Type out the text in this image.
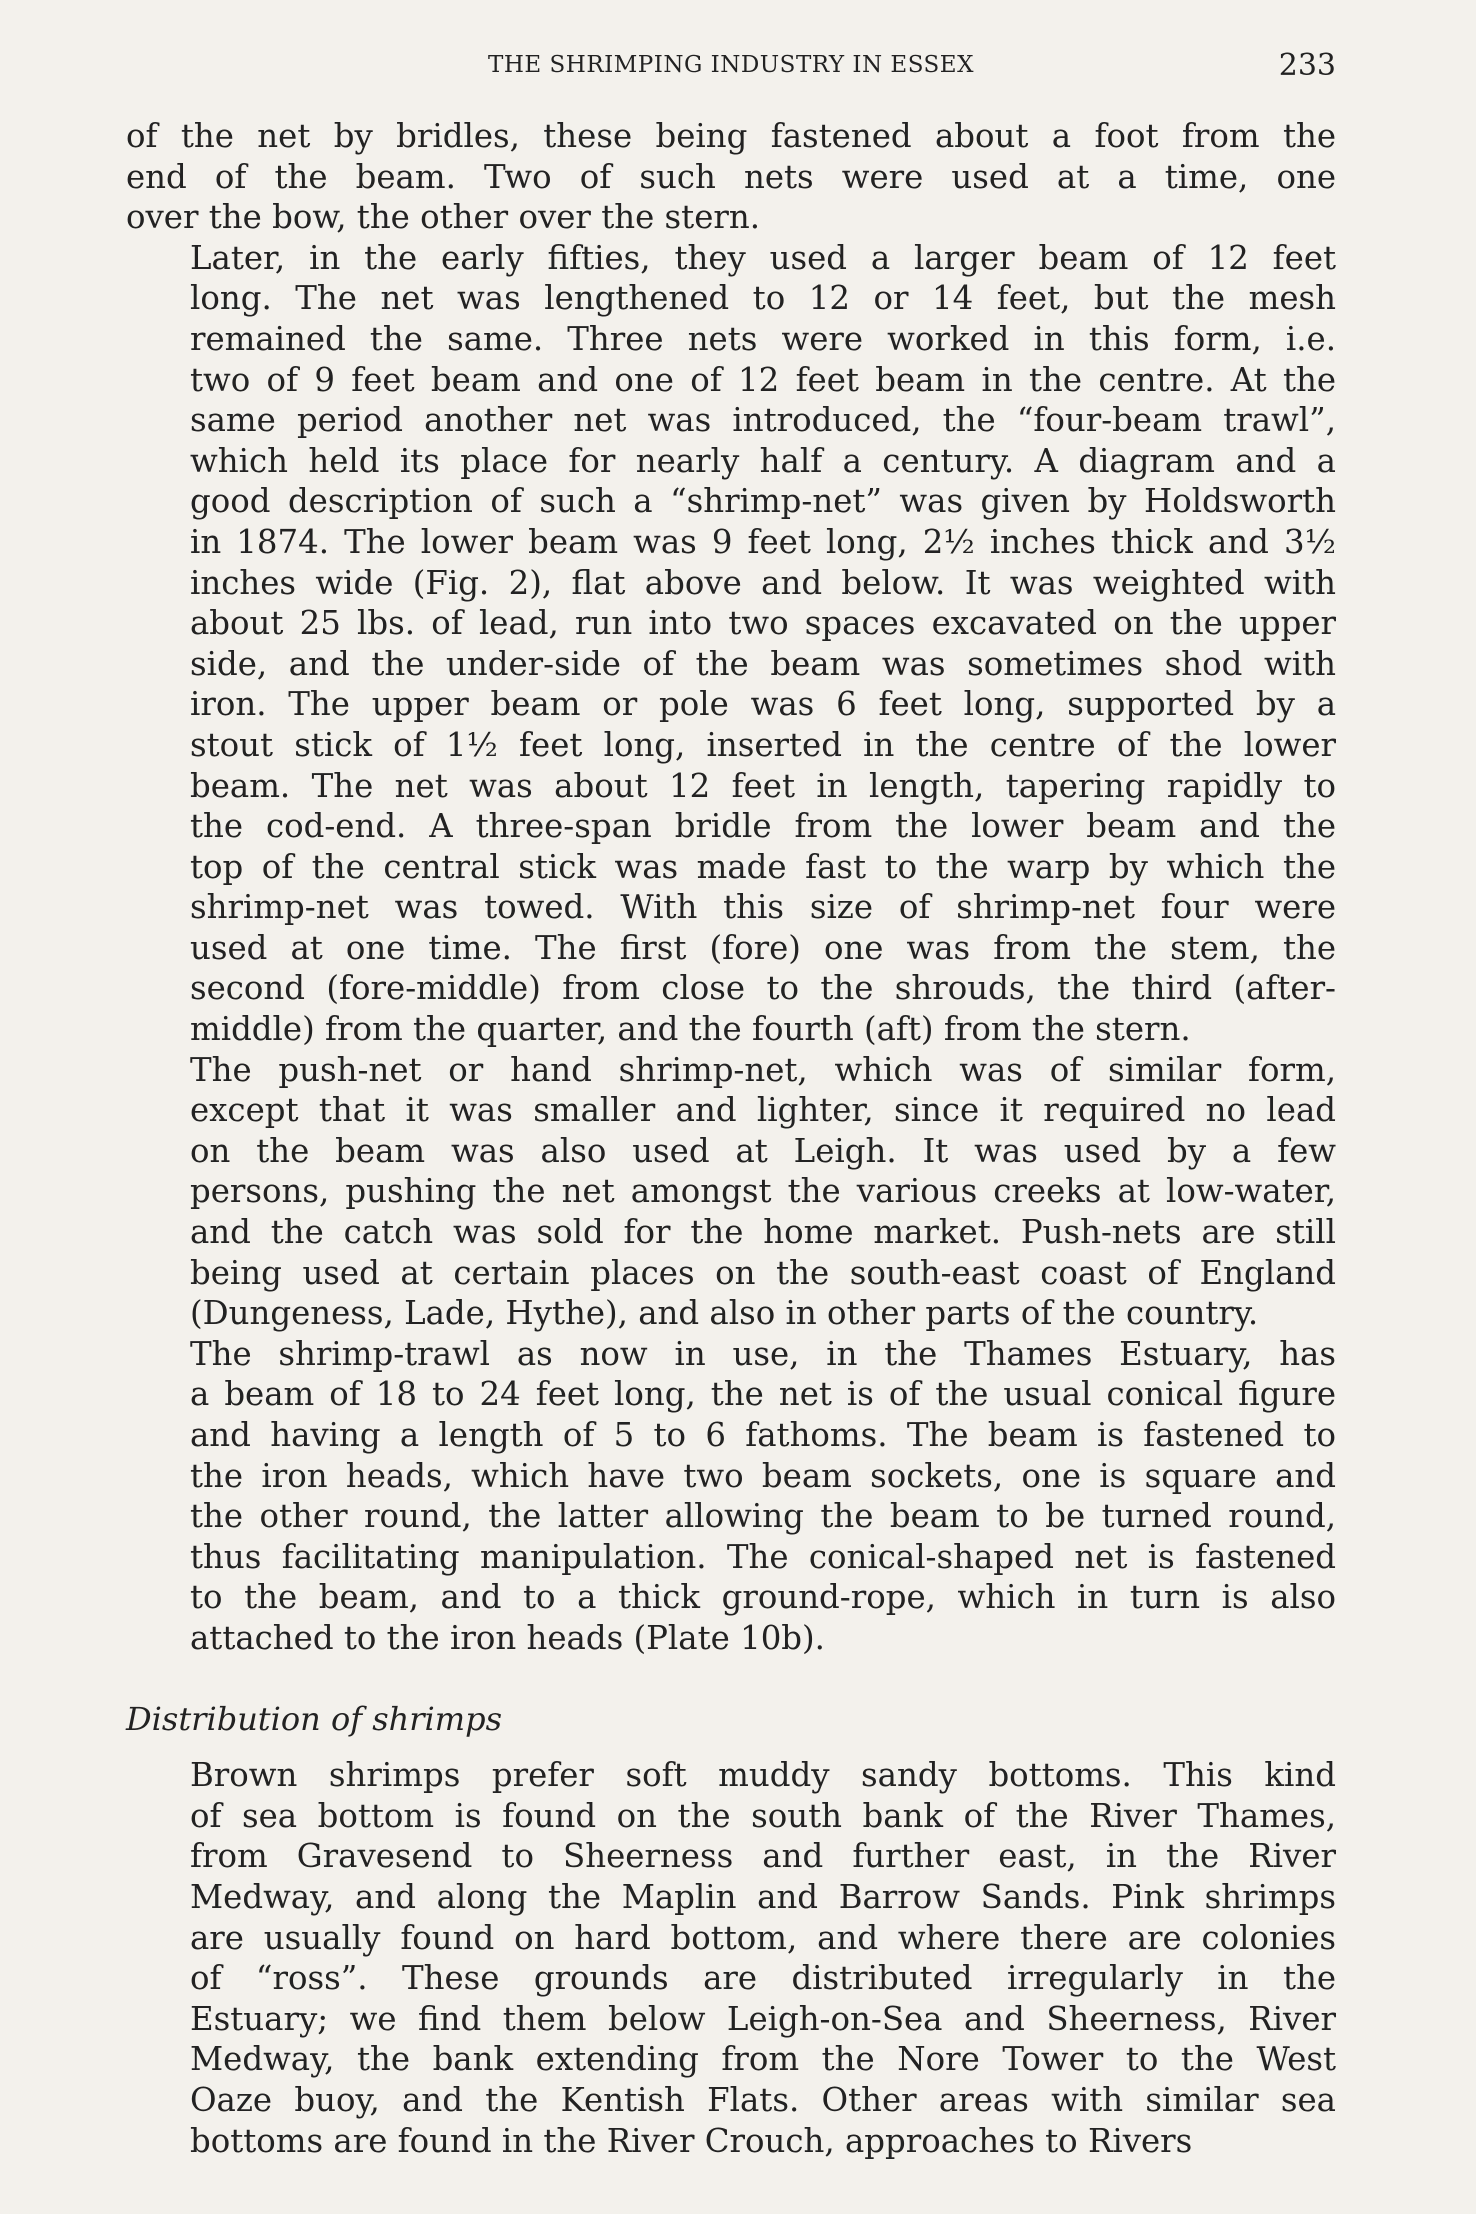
THE SHRIMPING INDUSTRY IN ESSEX	233
of the net by bridles, these being fastened about a foot from the
end of the beam. Two of such nets were used at a time, one
over the bow, the other over the stern.
Later, in the early fifties, they used a larger beam of 12 feet
long. The net was lengthened to 12 or 14 feet, but the mesh
remained the same. Three nets were worked in this form, i.e.
two of 9 feet beam and one of 12 feet beam in the centre. At the
same period another net was introduced, the “four-beam trawl”,
which held its place for nearly half a century. A diagram and a
good description of such a “shrimp-net” was given by Holdsworth
in 1874. The lower beam was 9 feet long, 2½ inches thick and 3½
inches wide (Fig. 2), flat above and below. It was weighted with
about 25 lbs. of lead, run into two spaces excavated on the upper
side, and the under-side of the beam was sometimes shod with
iron. The upper beam or pole was 6 feet long, supported by a
stout stick of 1½ feet long, inserted in the centre of the lower
beam. The net was about 12 feet in length, tapering rapidly to
the cod-end. A three-span bridle from the lower beam and the
top of the central stick was made fast to the warp by which the
shrimp-net was towed. With this size of shrimp-net four were
used at one time. The first (fore) one was from the stem, the
second (fore-middle) from close to the shrouds, the third (after-
middle) from the quarter, and the fourth (aft) from the stern.
The push-net or hand shrimp-net, which was of similar form,
except that it was smaller and lighter, since it required no lead
on the beam was also used at Leigh. It was used by a few
persons, pushing the net amongst the various creeks at low-water,
and the catch was sold for the home market. Push-nets are still
being used at certain places on the south-east coast of England
(Dungeness, Lade, Hythe), and also in other parts of the country.
The shrimp-trawl as now in use, in the Thames Estuary, has
a beam of 18 to 24 feet long, the net is of the usual conical figure
and having a length of 5 to 6 fathoms. The beam is fastened to
the iron heads, which have two beam sockets, one is square and
the other round, the latter allowing the beam to be turned round,
thus facilitating manipulation. The conical-shaped net is fastened
to the beam, and to a thick ground-rope, which in turn is also
attached to the iron heads (Plate 10b).
Distribution of shrimps
Brown shrimps prefer soft muddy sandy bottoms. This kind
of sea bottom is found on the south bank of the River Thames,
from Gravesend to Sheerness and further east, in the River
Medway, and along the Maplin and Barrow Sands. Pink shrimps
are usually found on hard bottom, and where there are colonies
of “ross”. These grounds are distributed irregularly in the
Estuary; we find them below Leigh-on-Sea and Sheerness, River
Medway, the bank extending from the Nore Tower to the West
Oaze buoy, and the Kentish Flats. Other areas with similar sea
bottoms are found in the River Crouch, approaches to Rivers
